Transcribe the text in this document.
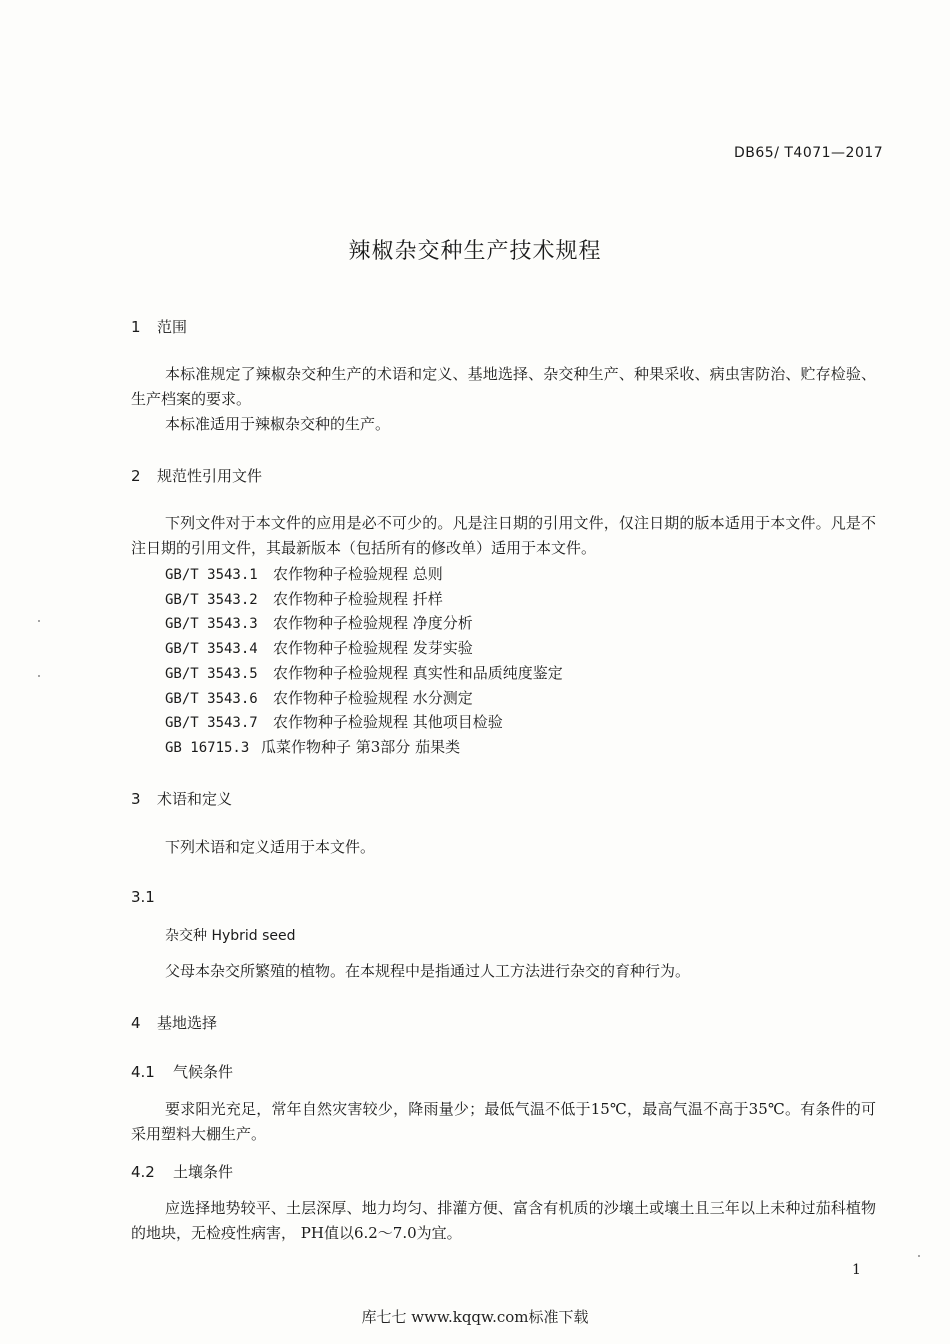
DB65/ T4071—2017
辣椒杂交种生产技术规程
1 范围
本标准规定了辣椒杂交种生产的术语和定义、基地选择、杂交种生产、种果采收、病虫害防治、贮存检验、生产档案的要求。
本标准适用于辣椒杂交种的生产。
2 规范性引用文件
下列文件对于本文件的应用是必不可少的。凡是注日期的引用文件，仅注日期的版本适用于本文件。凡是不注日期的引用文件，其最新版本（包括所有的修改单）适用于本文件。
GB/T 3543.1 农作物种子检验规程 总则
GB/T 3543.2 农作物种子检验规程 扦样
GB/T 3543.3 农作物种子检验规程 净度分析
GB/T 3543.4 农作物种子检验规程 发芽实验
GB/T 3543.5 农作物种子检验规程 真实性和品质纯度鉴定
GB/T 3543.6 农作物种子检验规程 水分测定
GB/T 3543.7 农作物种子检验规程 其他项目检验
GB 16715.3 瓜菜作物种子 第3部分 茄果类
3 术语和定义
下列术语和定义适用于本文件。
3.1
杂交种 Hybrid seed
父母本杂交所繁殖的植物。在本规程中是指通过人工方法进行杂交的育种行为。
4 基地选择
4.1 气候条件
要求阳光充足，常年自然灾害较少，降雨量少；最低气温不低于15℃，最高气温不高于35℃。有条件的可采用塑料大棚生产。
4.2 土壤条件
应选择地势较平、土层深厚、地力均匀、排灌方便、富含有机质的沙壤土或壤土且三年以上未种过茄科植物的地块，无检疫性病害， PH值以6.2～7.0为宜。
1
库七七 www.kqqw.com标准下载
